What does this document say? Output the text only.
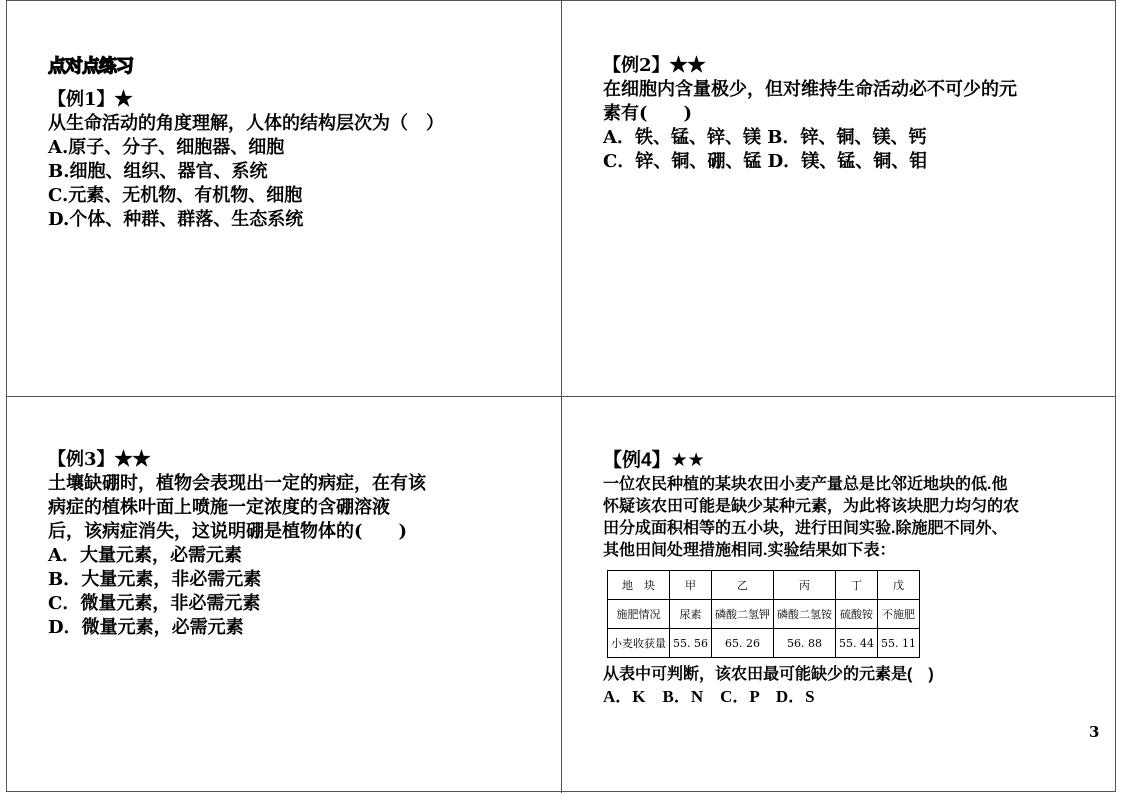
点对点练习
【例1】★
从生命活动的角度理解，人体的结构层次为（　）
A.原子、分子、细胞器、细胞
B.细胞、组织、器官、系统
C.元素、无机物、有机物、细胞
D.个体、种群、群落、生态系统
【例2】★★
在细胞内含量极少，但对维持生命活动必不可少的元
素有(　　)
A．铁、锰、锌、镁 B．锌、铜、镁、钙
C．锌、铜、硼、锰 D．镁、锰、铜、钼
【例3】★★
土壤缺硼时，植物会表现出一定的病症，在有该
病症的植株叶面上喷施一定浓度的含硼溶液
后，该病症消失，这说明硼是植物体的(　　)
A．大量元素，必需元素
B．大量元素，非必需元素
C．微量元素，非必需元素
D．微量元素，必需元素
【例4】★★
一位农民种植的某块农田小麦产量总是比邻近地块的低.他
怀疑该农田可能是缺少某种元素，为此将该块肥力均匀的农
田分成面积相等的五小块，进行田间实验.除施肥不同外、
其他田间处理措施相同.实验结果如下表：
地　块	甲	乙	丙	丁	戊
施肥情况	尿素	磷酸二氢钾	磷酸二氢铵	硫酸铵	不施肥
小麦收获量	55. 56	65. 26	56. 88	55. 44	55. 11
从表中可判断，该农田最可能缺少的元素是(　)
A．K　B．N　C．P　D．S
3
